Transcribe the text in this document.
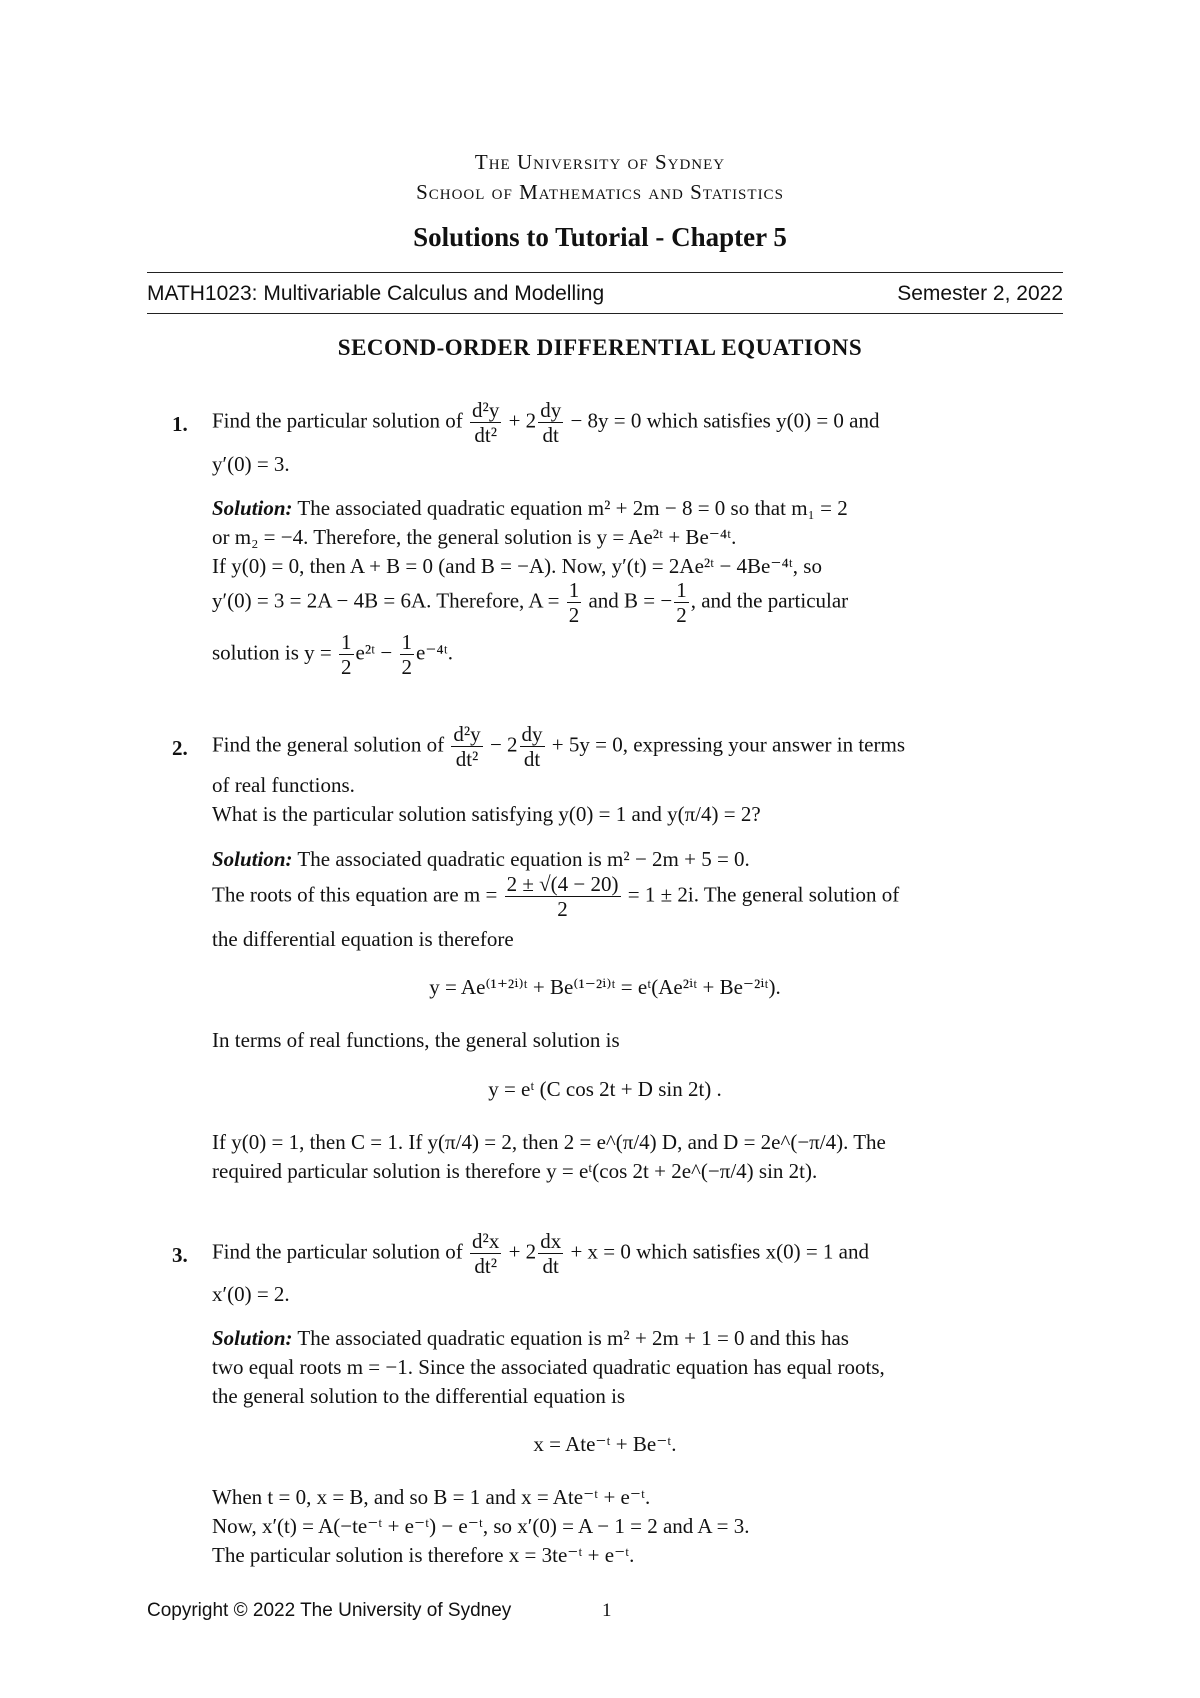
The University of Sydney
School of Mathematics and Statistics
Solutions to Tutorial - Chapter 5
MATH1023: Multivariable Calculus and Modelling	Semester 2, 2022
SECOND-ORDER DIFFERENTIAL EQUATIONS
1. Find the particular solution of $\frac{\text{d²y}}{\text{dt²}} + 2 \frac{dy}{dt} - 8y = 0$ which satisfies y(0) = 0 and
y′(0) = 3.
Solution: The associated quadratic equation m² + 2m − 8 = 0 so that m₁ = 2
or m₂ = −4. Therefore, the general solution is y = Ae²ᵗ + Be⁻⁴ᵗ.
If y(0) = 0, then A + B = 0 (and B = −A). Now, y′(t) = 2Ae²ᵗ − 4Be⁻⁴ᵗ, so
y′(0) = 3 = 2A − 4B = 6A. Therefore, $A = \frac{1}{2}$ and B = − $\frac{1}{2}$ , and the particular
solution is $y = \frac{1}{2}$ e²ᵗ − $\frac{1}{2}$ e⁻⁴ᵗ.
2. Find the general solution of $\frac{\text{d²y}}{\text{dt²}} - 2 \frac{dy}{dt} + 5y = 0$, expressing your answer in terms
of real functions.
What is the particular solution satisfying y(0) = 1 and y(π/4) = 2?
Solution: The associated quadratic equation is m² − 2m + 5 = 0.
The roots of this equation are $m = \frac{2 \pm √(4 - 20)}{2} = 1 \pm 2i$. The general solution of
the differential equation is therefore
y = Ae⁽¹⁺²ⁱ⁾ᵗ + Be⁽¹⁻²ⁱ⁾ᵗ = eᵗ(Ae²ⁱᵗ + Be⁻²ⁱᵗ).
In terms of real functions, the general solution is
y = eᵗ (C cos 2t + D sin 2t) .
If y(0) = 1, then C = 1. If y(π/4) = 2, then 2 = e^(π/4) D, and D = 2e^(−π/4). The
required particular solution is therefore y = eᵗ(cos 2t + 2e^(−π/4) sin 2t).
3. Find the particular solution of $\frac{\text{d²x}}{\text{dt²}} + 2 \frac{dx}{dt} + x = 0$ which satisfies x(0) = 1 and
x′(0) = 2.
Solution: The associated quadratic equation is m² + 2m + 1 = 0 and this has
two equal roots m = −1. Since the associated quadratic equation has equal roots,
the general solution to the differential equation is
x = Ate⁻ᵗ + Be⁻ᵗ.
When t = 0, x = B, and so B = 1 and x = Ate⁻ᵗ + e⁻ᵗ.
Now, x′(t) = A(−te⁻ᵗ + e⁻ᵗ) − e⁻ᵗ, so x′(0) = A − 1 = 2 and A = 3.
The particular solution is therefore x = 3te⁻ᵗ + e⁻ᵗ.
Copyright © 2022 The University of Sydney	1
